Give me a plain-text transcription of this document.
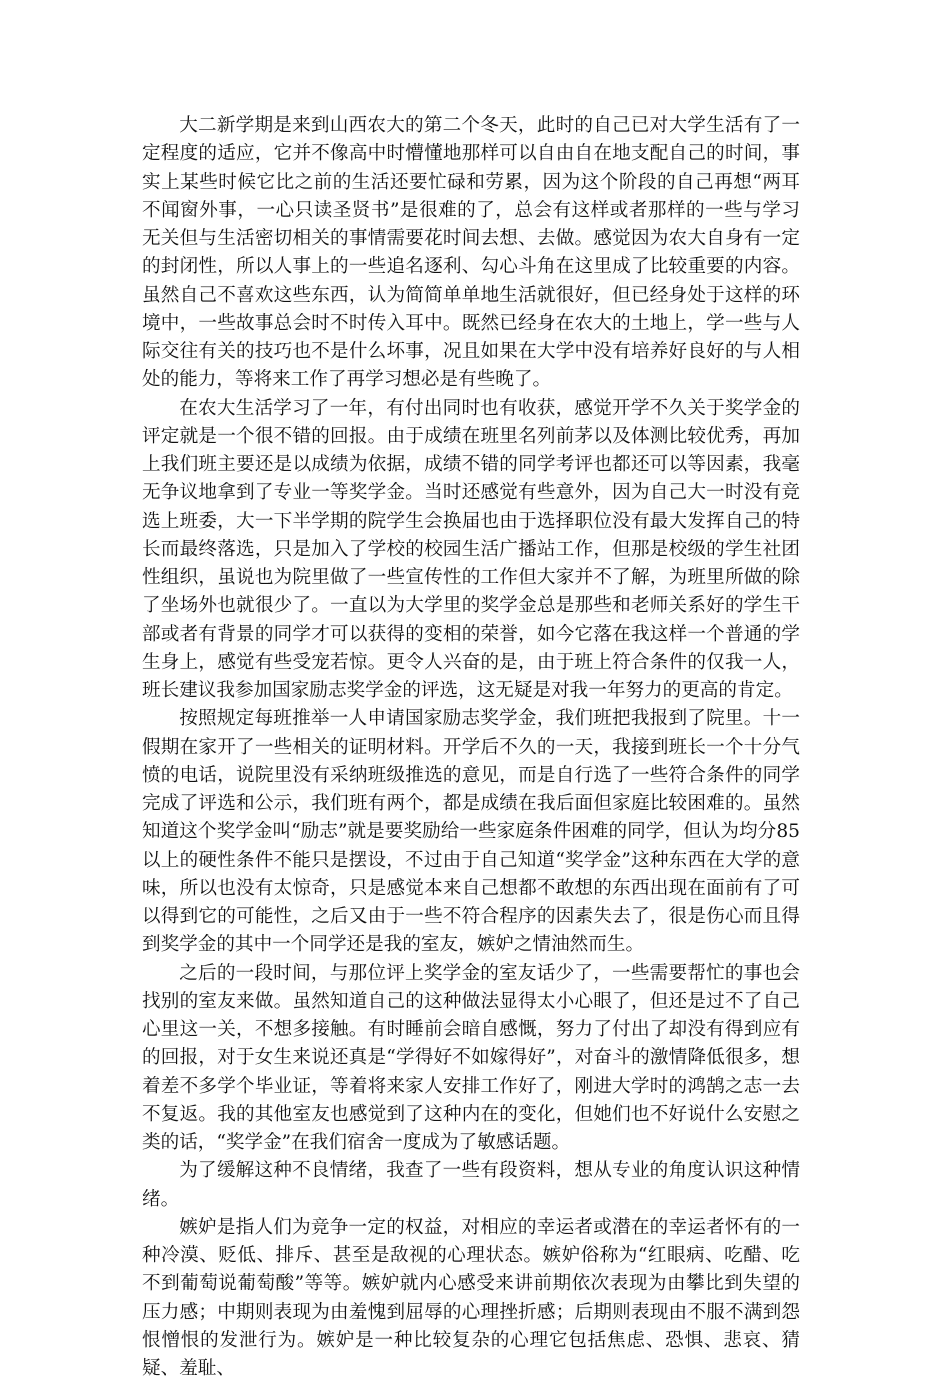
大二新学期是来到山西农大的第二个冬天，此时的自己已对大学生活有了一定程度的适应，它并不像高中时懵懂地那样可以自由自在地支配自己的时间，事实上某些时候它比之前的生活还要忙碌和劳累，因为这个阶段的自己再想“两耳不闻窗外事，一心只读圣贤书”是很难的了，总会有这样或者那样的一些与学习无关但与生活密切相关的事情需要花时间去想、去做。感觉因为农大自身有一定的封闭性，所以人事上的一些追名逐利、勾心斗角在这里成了比较重要的内容。虽然自己不喜欢这些东西，认为简简单单地生活就很好，但已经身处于这样的环境中，一些故事总会时不时传入耳中。既然已经身在农大的土地上，学一些与人际交往有关的技巧也不是什么坏事，况且如果在大学中没有培养好良好的与人相处的能力，等将来工作了再学习想必是有些晚了。

在农大生活学习了一年，有付出同时也有收获，感觉开学不久关于奖学金的评定就是一个很不错的回报。由于成绩在班里名列前茅以及体测比较优秀，再加上我们班主要还是以成绩为依据，成绩不错的同学考评也都还可以等因素，我毫无争议地拿到了专业一等奖学金。当时还感觉有些意外，因为自己大一时没有竞选上班委，大一下半学期的院学生会换届也由于选择职位没有最大发挥自己的特长而最终落选，只是加入了学校的校园生活广播站工作，但那是校级的学生社团性组织，虽说也为院里做了一些宣传性的工作但大家并不了解，为班里所做的除了坐场外也就很少了。一直以为大学里的奖学金总是那些和老师关系好的学生干部或者有背景的同学才可以获得的变相的荣誉，如今它落在我这样一个普通的学生身上，感觉有些受宠若惊。更令人兴奋的是，由于班上符合条件的仅我一人，班长建议我参加国家励志奖学金的评选，这无疑是对我一年努力的更高的肯定。

按照规定每班推举一人申请国家励志奖学金，我们班把我报到了院里。十一假期在家开了一些相关的证明材料。开学后不久的一天，我接到班长一个十分气愤的电话，说院里没有采纳班级推选的意见，而是自行选了一些符合条件的同学完成了评选和公示，我们班有两个，都是成绩在我后面但家庭比较困难的。虽然知道这个奖学金叫“励志”就是要奖励给一些家庭条件困难的同学，但认为均分85以上的硬性条件不能只是摆设，不过由于自己知道“奖学金”这种东西在大学的意味，所以也没有太惊奇，只是感觉本来自己想都不敢想的东西出现在面前有了可以得到它的可能性，之后又由于一些不符合程序的因素失去了，很是伤心而且得到奖学金的其中一个同学还是我的室友，嫉妒之情油然而生。

之后的一段时间，与那位评上奖学金的室友话少了，一些需要帮忙的事也会找别的室友来做。虽然知道自己的这种做法显得太小心眼了，但还是过不了自己心里这一关，不想多接触。有时睡前会暗自感慨，努力了付出了却没有得到应有的回报，对于女生来说还真是“学得好不如嫁得好”，对奋斗的激情降低很多，想着差不多学个毕业证，等着将来家人安排工作好了，刚进大学时的鸿鹄之志一去不复返。我的其他室友也感觉到了这种内在的变化，但她们也不好说什么安慰之类的话，“奖学金”在我们宿舍一度成为了敏感话题。

为了缓解这种不良情绪，我查了一些有段资料，想从专业的角度认识这种情绪。

嫉妒是指人们为竞争一定的权益，对相应的幸运者或潜在的幸运者怀有的一种冷漠、贬低、排斥、甚至是敌视的心理状态。嫉妒俗称为“红眼病、吃醋、吃不到葡萄说葡萄酸”等等。嫉妒就内心感受来讲前期依次表现为由攀比到失望的压力感；中期则表现为由羞愧到屈辱的心理挫折感；后期则表现由不服不满到怨恨憎恨的发泄行为。嫉妒是一种比较复杂的心理它包括焦虑、恐惧、悲哀、猜疑、羞耻、
